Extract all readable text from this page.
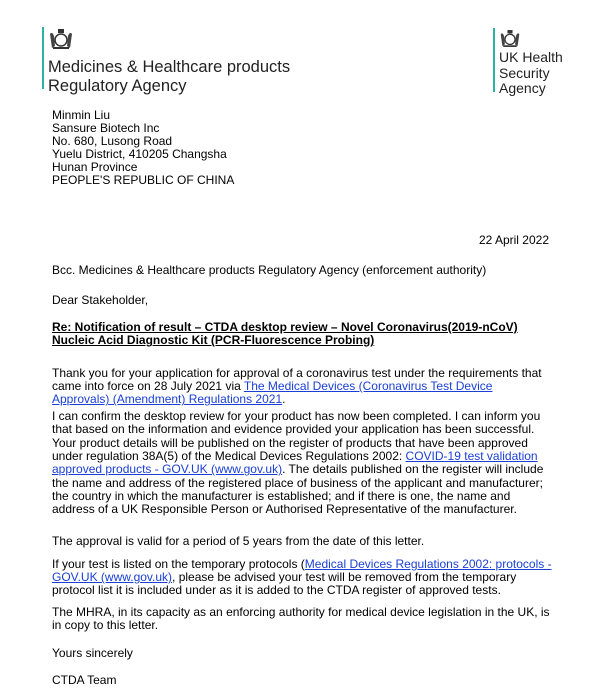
Medicines & Healthcare products
Regulatory Agency
UK Health
Security
Agency
Minmin Liu
Sansure Biotech Inc
No. 680, Lusong Road
Yuelu District, 410205 Changsha
Hunan Province
PEOPLE'S REPUBLIC OF CHINA
22 April 2022
Bcc. Medicines & Healthcare products Regulatory Agency (enforcement authority)
Dear Stakeholder,
Re: Notification of result – CTDA desktop review – Novel Coronavirus(2019-nCoV) Nucleic Acid Diagnostic Kit (PCR-Fluorescence Probing)
Thank you for your application for approval of a coronavirus test under the requirements that came into force on 28 July 2021 via The Medical Devices (Coronavirus Test Device Approvals) (Amendment) Regulations 2021.
I can confirm the desktop review for your product has now been completed. I can inform you that based on the information and evidence provided your application has been successful.
Your product details will be published on the register of products that have been approved under regulation 38A(5) of the Medical Devices Regulations 2002: COVID-19 test validation approved products - GOV.UK (www.gov.uk). The details published on the register will include the name and address of the registered place of business of the applicant and manufacturer; the country in which the manufacturer is established; and if there is one, the name and address of a UK Responsible Person or Authorised Representative of the manufacturer.
The approval is valid for a period of 5 years from the date of this letter.
If your test is listed on the temporary protocols (Medical Devices Regulations 2002: protocols - GOV.UK (www.gov.uk), please be advised your test will be removed from the temporary protocol list it is included under as it is added to the CTDA register of approved tests.
The MHRA, in its capacity as an enforcing authority for medical device legislation in the UK, is in copy to this letter.
Yours sincerely
CTDA Team
